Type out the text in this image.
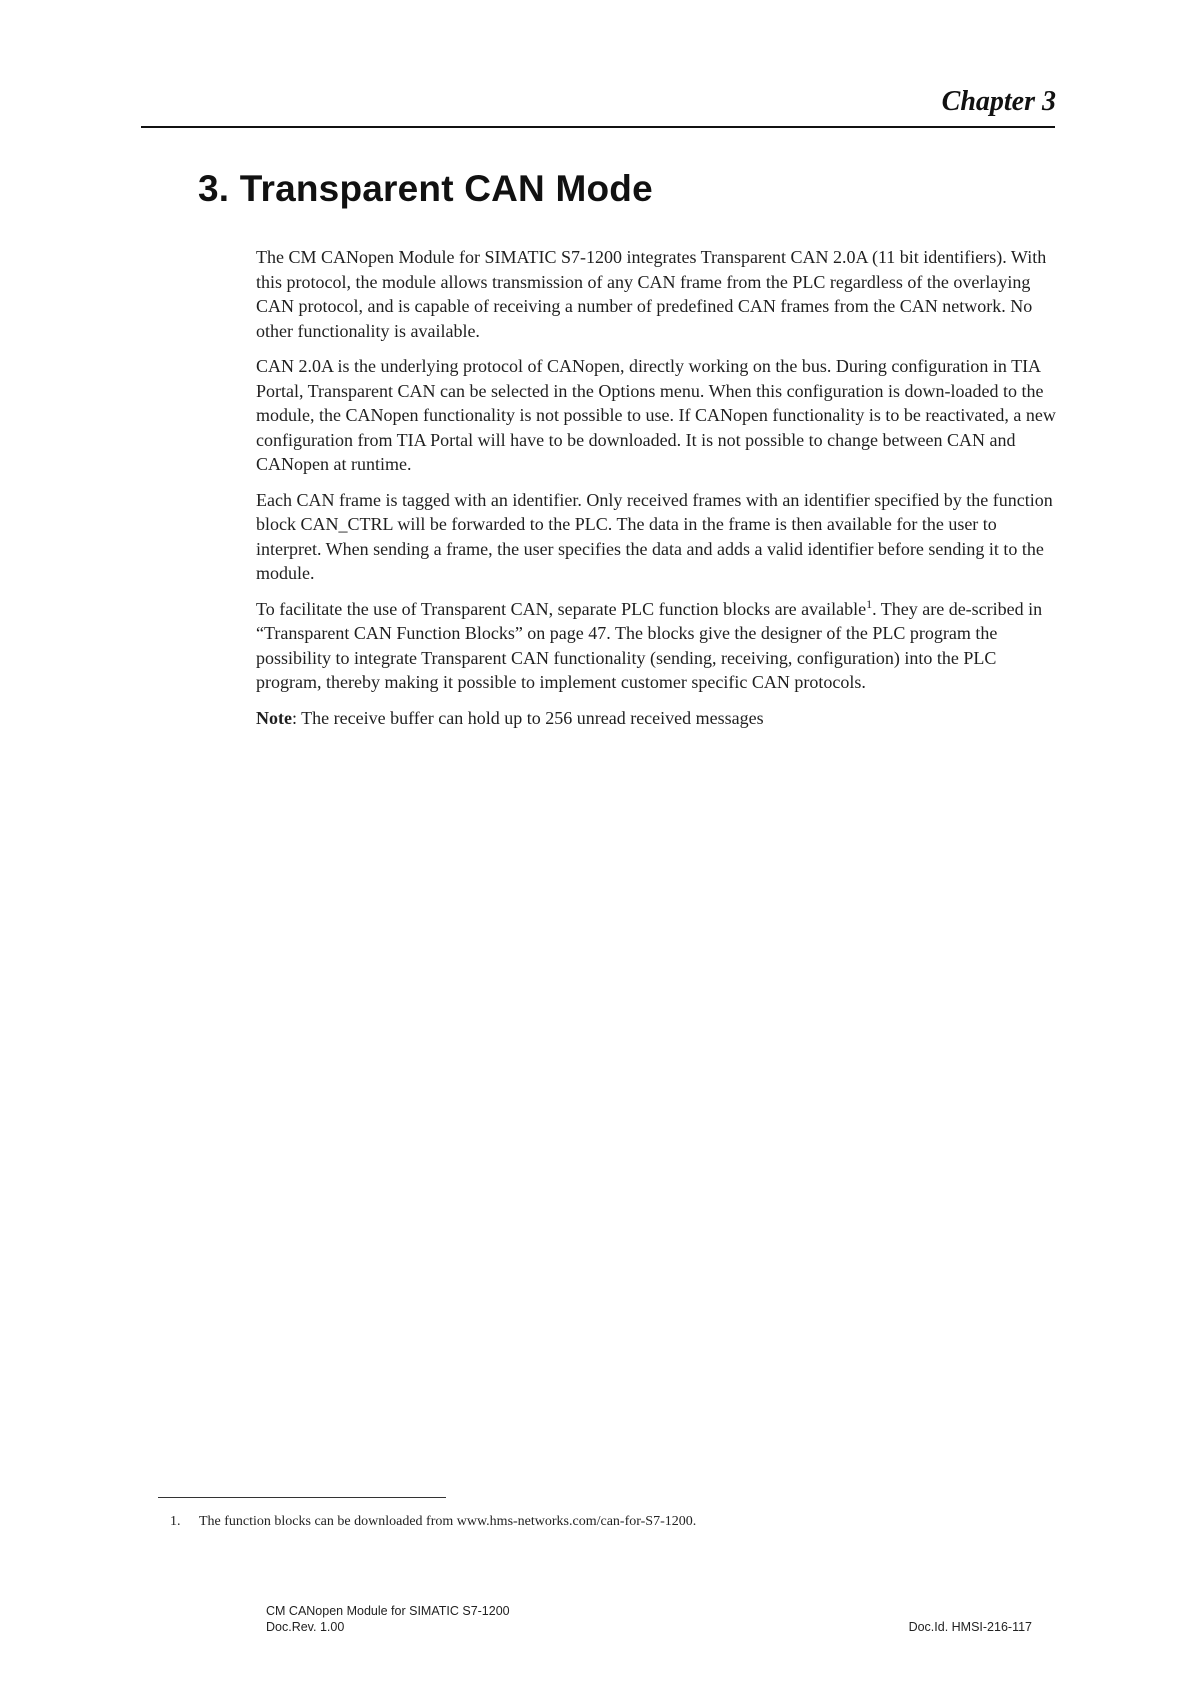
Chapter 3
3. Transparent CAN Mode

The CM CANopen Module for SIMATIC S7-1200 integrates Transparent CAN 2.0A (11 bit identifiers). With this protocol, the module allows transmission of any CAN frame from the PLC regardless of the overlaying CAN protocol, and is capable of receiving a number of predefined CAN frames from the CAN network. No other functionality is available.

CAN 2.0A is the underlying protocol of CANopen, directly working on the bus. During configuration in TIA Portal, Transparent CAN can be selected in the Options menu. When this configuration is down-loaded to the module, the CANopen functionality is not possible to use. If CANopen functionality is to be reactivated, a new configuration from TIA Portal will have to be downloaded. It is not possible to change between CAN and CANopen at runtime.

Each CAN frame is tagged with an identifier. Only received frames with an identifier specified by the function block CAN_CTRL will be forwarded to the PLC. The data in the frame is then available for the user to interpret. When sending a frame, the user specifies the data and adds a valid identifier before sending it to the module.

To facilitate the use of Transparent CAN, separate PLC function blocks are available$^1$. They are de-scribed in “Transparent CAN Function Blocks” on page 47. The blocks give the designer of the PLC program the possibility to integrate Transparent CAN functionality (sending, receiving, configuration) into the PLC program, thereby making it possible to implement customer specific CAN protocols.

Note: The receive buffer can hold up to 256 unread received messages

1. The function blocks can be downloaded from www.hms-networks.com/can-for-S7-1200.
CM CANopen Module for SIMATIC S7-1200
Doc.Rev. 1.00	Doc.Id. HMSI-216-117
